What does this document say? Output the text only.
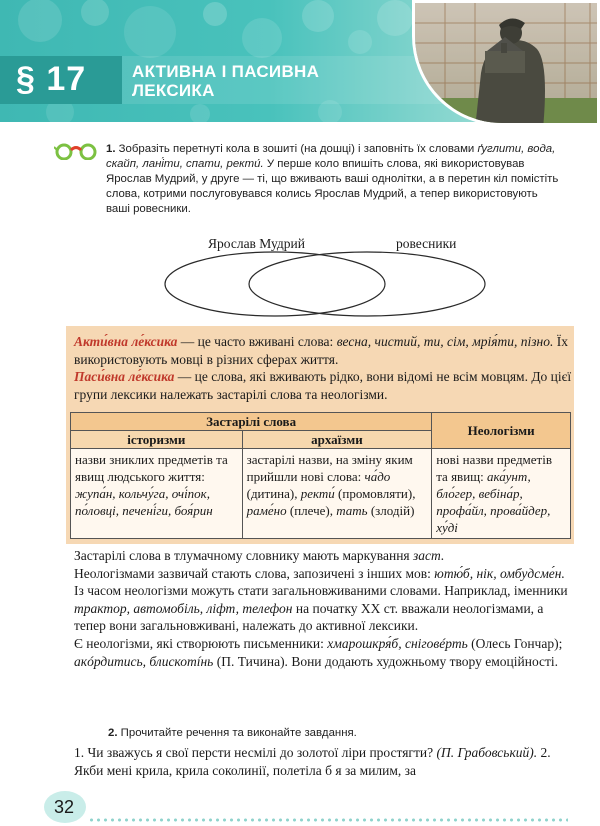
§ 17	АКТИВНА І ПАСИВНА
ЛЕКСИКА
1. Зобразіть перетнуті кола в зошиті (на дошці) і заповніть їх словами ґуглити, вода, скайп, лані́ти, спати, ректи́. У перше коло впишіть слова, які використовував Ярослав Мудрий, у друге — ті, що вживають ваші однолітки, а в перетин кіл помістіть слова, котрими послуговувався колись Ярослав Мудрий, а тепер використовують ваші ровесники.
Ярослав Мудрий	ровесники
Акти́вна ле́ксика — це часто вживані слова: весна, чистий, ти, сім, мрія́ти, пізно. Їх використовують мовці в різних сферах життя.
Паси́вна ле́ксика — це слова, які вживають рідко, вони відомі не всім мовцям. До цієї групи лексики належать застарілі слова та неологізми.
Застарілі слова		Неологізми
історизми	архаїзми	
назви зниклих предметів та явищ людського життя: жупа́н, кольчу́га, очі́пок, по́ловці, печені́ги, боя́рин	застарілі назви, на зміну яким прийшли нові слова: ча́до (дитина), ректи́ (промовляти), раме́но (плече), тать (злодій)	нові назви предметів та явищ: ака́унт, бло́гер, вебіна́р, профа́йл, прова́йдер, ху́ді

Застарілі слова в тлумачному словнику мають маркування заст.

Неологізмами зазвичай стають слова, запозичені з інших мов: ютю́б, нік, омбудсме́н.

Із часом неологізми можуть стати загальновживаними словами. Наприклад, іменники трактор, автомобіль, ліфт, телефон на початку XX ст. вважали неологізмами, а тепер вони загальновживані, належать до активної лексики.

Є неологізми, які створюють письменники: хмарошкря́б, сніговéрть (Олесь Гончар); акóрдитись, блискотíнь (П. Тичина). Вони додають художньому твору емоційності.

2. Прочитайте речення та виконайте завдання.
1. Чи зважусь я свої персти несмілі до золотої ліри простягти? (П. Грабовський). 2. Якби мені крила, крила соколинії, полетіла б я за милим, за
32
